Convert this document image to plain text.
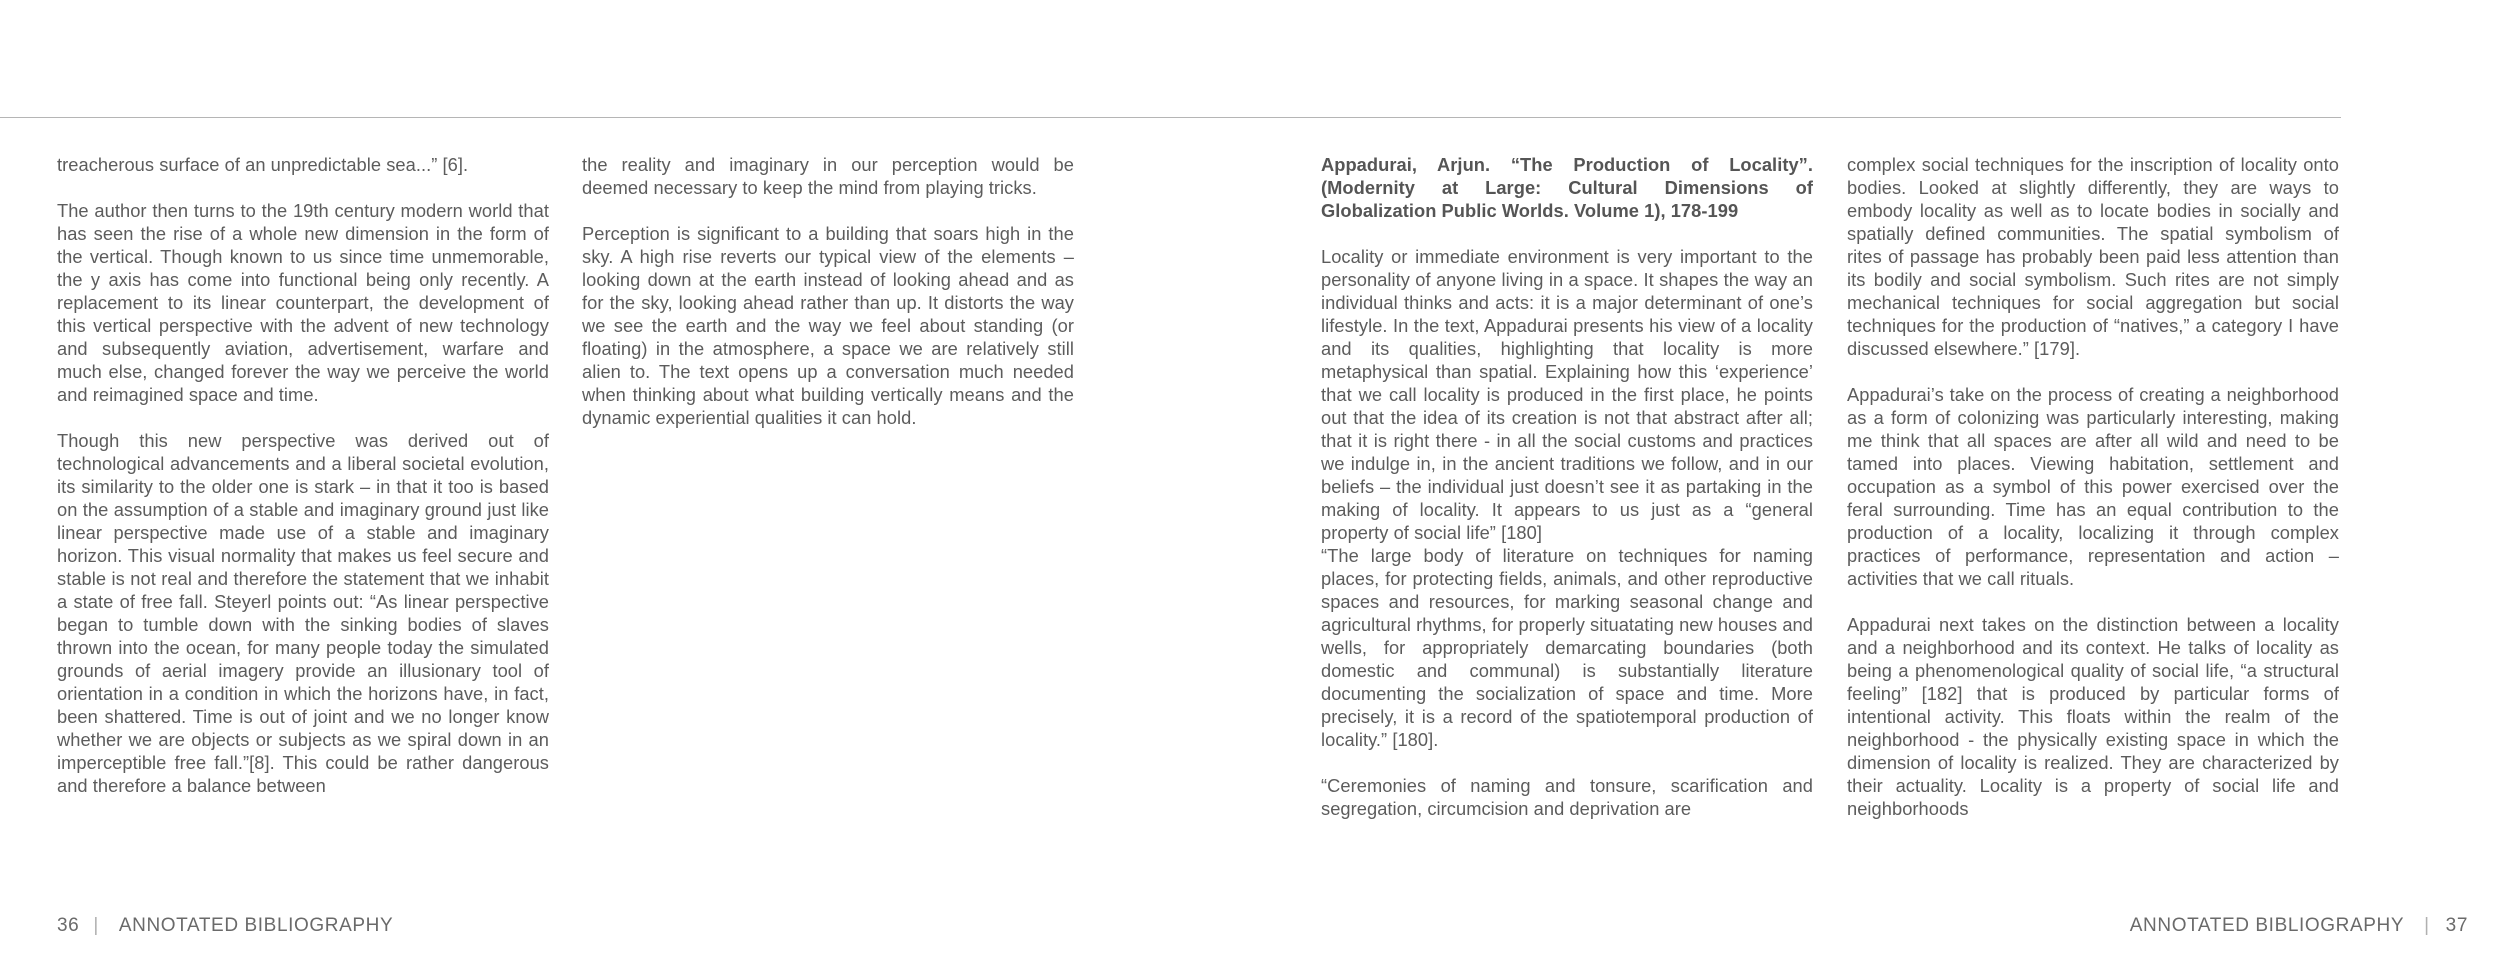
treacherous surface of an unpredictable sea...” [6].

The author then turns to the 19th century modern world that has seen the rise of a whole new dimension in the form of the vertical. Though known to us since time unmemorable, the y axis has come into functional being only recently. A replacement to its linear counterpart, the development of this vertical perspective with the advent of new technology and subsequently aviation, advertisement, warfare and much else, changed forever the way we perceive the world and reimagined space and time.

Though this new perspective was derived out of technological advancements and a liberal societal evolution, its similarity to the older one is stark – in that it too is based on the assumption of a stable and imaginary ground just like linear perspective made use of a stable and imaginary horizon. This visual normality that makes us feel secure and stable is not real and therefore the statement that we inhabit a state of free fall. Steyerl points out: “As linear perspective began to tumble down with the sinking bodies of slaves thrown into the ocean, for many people today the simulated grounds of aerial imagery provide an illusionary tool of orientation in a condition in which the horizons have, in fact, been shattered. Time is out of joint and we no longer know whether we are objects or subjects as we spiral down in an imperceptible free fall.”[8]. This could be rather dangerous and therefore a balance between

the reality and imaginary in our perception would be deemed necessary to keep the mind from playing tricks.

Perception is significant to a building that soars high in the sky. A high rise reverts our typical view of the elements – looking down at the earth instead of looking ahead and as for the sky, looking ahead rather than up. It distorts the way we see the earth and the way we feel about standing (or floating) in the atmosphere, a space we are relatively still alien to. The text opens up a conversation much needed when thinking about what building vertically means and the dynamic experiential qualities it can hold.

Appadurai, Arjun. “The Production of Locality”. (Modernity at Large: Cultural Dimensions of Globalization Public Worlds. Volume 1), 178-199

Locality or immediate environment is very important to the personality of anyone living in a space. It shapes the way an individual thinks and acts: it is a major determinant of one’s lifestyle. In the text, Appadurai presents his view of a locality and its qualities, highlighting that locality is more metaphysical than spatial. Explaining how this ‘experience’ that we call locality is produced in the first place, he points out that the idea of its creation is not that abstract after all; that it is right there - in all the social customs and practices we indulge in, in the ancient traditions we follow, and in our beliefs – the individual just doesn’t see it as partaking in the making of locality. It appears to us just as a “general property of social life” [180]

“The large body of literature on techniques for naming places, for protecting fields, animals, and other reproductive spaces and resources, for marking seasonal change and agricultural rhythms, for properly situatating new houses and wells, for appropriately demarcating boundaries (both domestic and communal) is substantially literature documenting the socialization of space and time. More precisely, it is a record of the spatiotemporal production of locality.” [180].

“Ceremonies of naming and tonsure, scarification and segregation, circumcision and deprivation are

complex social techniques for the inscription of locality onto bodies. Looked at slightly differently, they are ways to embody locality as well as to locate bodies in socially and spatially defined communities. The spatial symbolism of rites of passage has probably been paid less attention than its bodily and social symbolism. Such rites are not simply mechanical techniques for social aggregation but social techniques for the production of “natives,” a category I have discussed elsewhere.” [179].

Appadurai’s take on the process of creating a neighborhood as a form of colonizing was particularly interesting, making me think that all spaces are after all wild and need to be tamed into places. Viewing habitation, settlement and occupation as a symbol of this power exercised over the feral surrounding. Time has an equal contribution to the production of a locality, localizing it through complex practices of performance, representation and action – activities that we call rituals.

Appadurai next takes on the distinction between a locality and a neighborhood and its context. He talks of locality as being a phenomenological quality of social life, “a structural feeling” [182] that is produced by particular forms of intentional activity. This floats within the realm of the neighborhood - the physically existing space in which the dimension of locality is realized. They are characterized by their actuality. Locality is a property of social life and neighborhoods

36 | ANNOTATED BIBLIOGRAPHY	ANNOTATED BIBLIOGRAPHY | 37
